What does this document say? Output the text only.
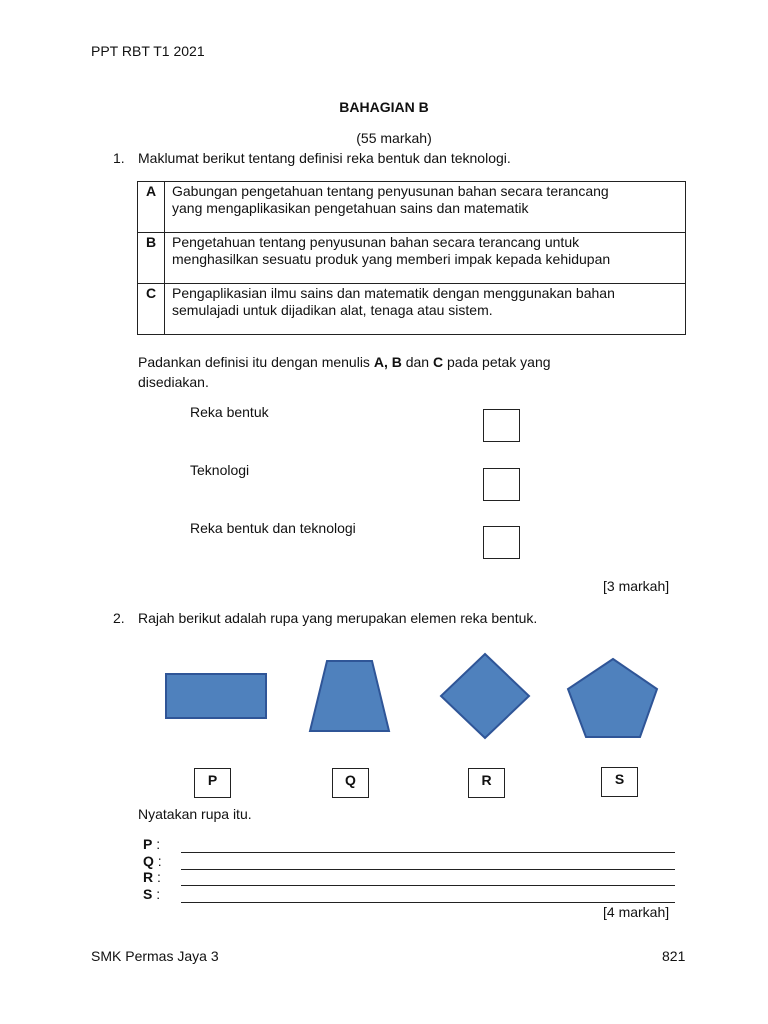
PPT RBT T1 2021
BAHAGIAN B
(55 markah)
1. Maklumat berikut tentang definisi reka bentuk dan teknologi.
A	Gabungan pengetahuan tentang penyusunan bahan secara terancang
yang mengaplikasikan pengetahuan sains dan matematik

B	Pengetahuan tentang penyusunan bahan secara terancang untuk
menghasilkan sesuatu produk yang memberi impak kepada kehidupan

C	Pengaplikasian ilmu sains dan matematik dengan menggunakan bahan
semulajadi untuk dijadikan alat, tenaga atau sistem.
Padankan definisi itu dengan menulis A, B dan C pada petak yang
disediakan.
Reka bentuk
Teknologi
Reka bentuk dan teknologi
[3 markah]
2. Rajah berikut adalah rupa yang merupakan elemen reka bentuk.
P	Q	R	S
Nyatakan rupa itu.
P :
Q :
R :
S :
[4 markah]
SMK Permas Jaya 3	821
